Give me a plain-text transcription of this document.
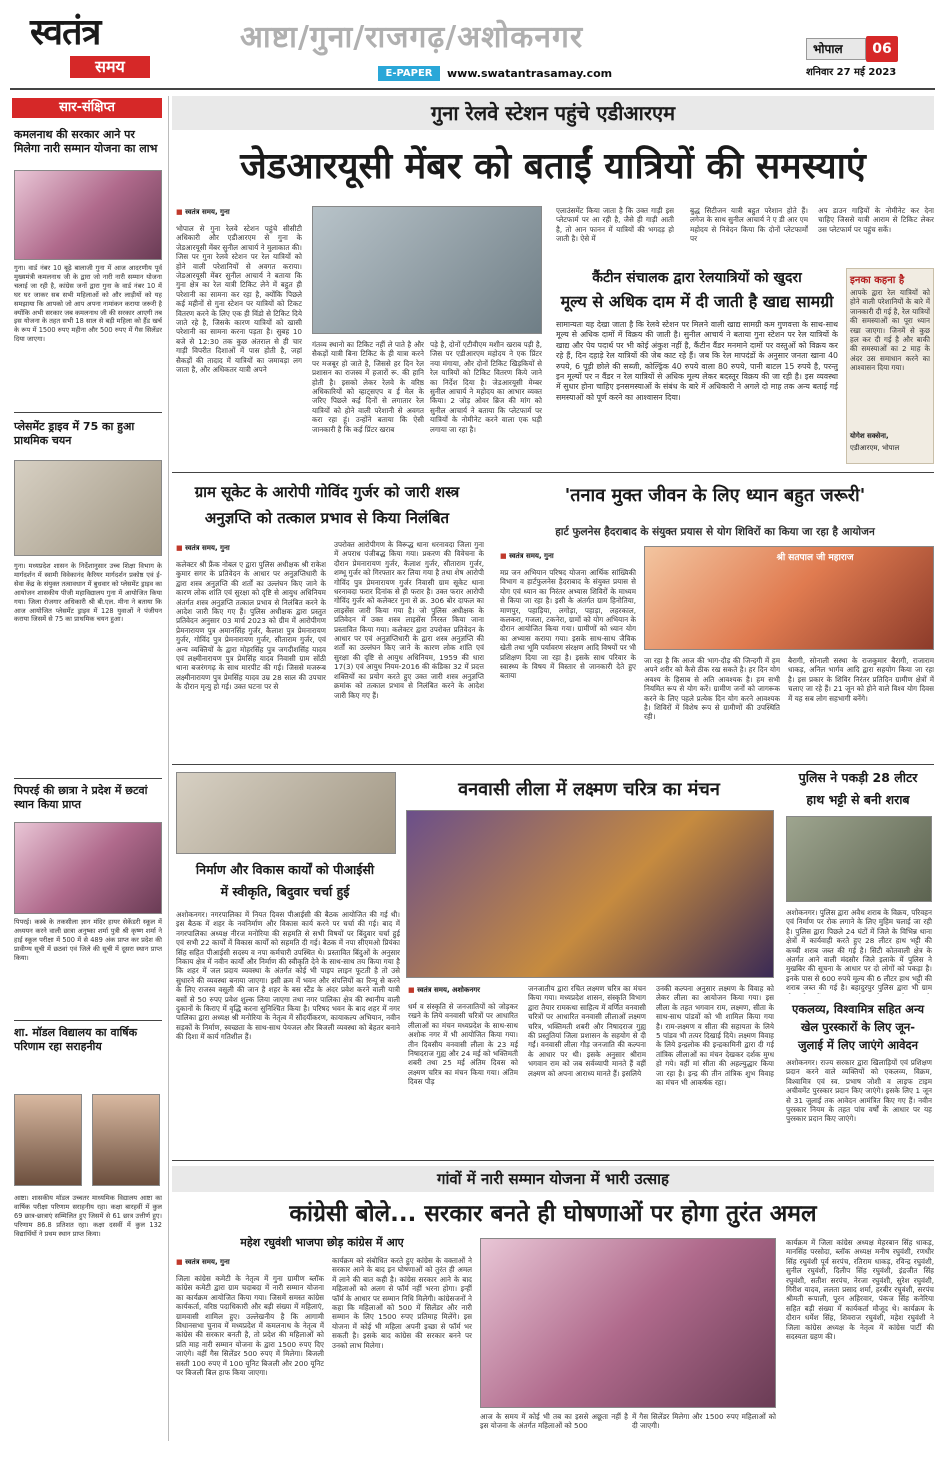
स्वतंत्र
समय
आष्टा/गुना/राजगढ़/अशोकनगर
E-PAPER	www.swatantrasamay.com
भोपाल	06
शनिवार 27 मई 2023
सार-संक्षिप्त
कमलनाथ की सरकार आने पर मिलेगा नारी सम्मान योजना का लाभ
गुना। वार्ड नंबर 10 बूढ़े बालाजी गुना में आज आदरणीय पूर्व मुख्यमंत्री कमलनाथ जी के द्वारा जो नारी नारी सम्मान योजना चलाई जा रही है, कांग्रेस जनों द्वारा गुना के वार्ड नंबर 10 में घर घर जाकर सब सभी महिलाओं को और लाड़ीयों को यह समझाया कि आपको जो आप अपना नामांकन कराया जरूरी है क्योंकि अभी सरकार जब कमलनाथ जी की सरकार आएगी तब इस योजना के तहत सभी 18 साल से बड़ी महिला को हैंड खर्च के रूप में 1500 रुपए महीना और 500 रुपए में गैस सिलेंडर दिया जाएगा।
प्लेसमेंट ड्राइव में 75 का हुआ प्राथमिक चयन
गुना। मध्यप्रदेश शासन के निर्देशानुसार उच्च शिक्षा विभाग के मार्गदर्शन में स्वामी विवेकानंद कैरियर मार्गदर्शन प्रकोष्ठ एवं ई-सेवा केंद्र के संयुक्त तत्वावधान में बुधवार को प्लेसमेंट ड्राइव का आयोजन शासकीय पीजी महाविद्यालय गुना में आयोजित किया गया। जिला रोजगार अधिकारी श्री बी.एल. मीना ने बताया कि आज आयोजित प्लेसमेंट ड्राइव में 128 युवाओं ने पंजीयन कराया जिसमें से 75 का प्राथमिक चयन हुआ।
पिपरई की छात्रा ने प्रदेश में छटवां स्थान किया प्राप्त
पिपरई। कस्बे के तकसीला ज्ञान मंदिर हायर सेकेंडरी स्कूल में अध्ययन करने वाली छात्रा अनुष्का शर्मा पुत्री श्री कृष्ण शर्मा ने हाई स्कूल परीक्षा में 500 में से 489 अंक प्राप्त कर प्रदेश की प्रावीण्य सूची में छठवां एवं जिले की सूची में दूसरा स्थान प्राप्त किया।
शा. मॉडल विद्यालय का वार्षिक परिणाम रहा सराहनीय
आष्टा। शासकीय मॉडल उच्चतर माध्यमिक विद्यालय आष्टा का वार्षिक परीक्षा परिणाम सराहनीय रहा। कक्षा बारहवीं में कुल 69 छात्र-छात्राएं सम्मिलित हुए जिसमें से 61 छात्र उत्तीर्ण हुए। परिणाम 86.8 प्रतिशत रहा। कक्षा दसवीं में कुल 132 विद्यार्थियों ने प्रथम स्थान प्राप्त किया।
गुना रेलवे स्टेशन पहुंचे एडीआरएम
जेडआरयूसी मेंबर को बताईं यात्रियों की समस्याएं
■ स्वतंत्र समय, गुना
भोपाल से गुना रेलवे स्टेशन पहुंचे सीसीटी अधिकारी और एडीआरएम से गुना के जेडआरयूसी मेंबर सुनील आचार्य ने मुलाकात की। जिस पर गुना रेलवे स्टेशन पर रेल यात्रियों को होने वाली परेशानियों से अवगत कराया। जेडआरयूसी मेंबर सुनील आचार्य ने बताया कि गुना क्षेत्र का रेल यात्री टिकिट लेने में बहुत ही परेशानी का सामना कर रहा है, क्योंकि पिछले कई महीनों से गुना स्टेशन पर यात्रियों को टिकट वितरण करने के लिए एक ही विंडो से टिकिट दिये जाते रहे है, जिसके कारण यात्रियों को खासी परेशानी का सामना करना पड़ता है। सुबह 10 बजे से 12:30 तक कुछ अंतराल से ही चार गाड़ी विपरीत दिशाओं में पास होती है, जहां सैकड़ों की तादाद में यात्रियों का जमावड़ा लग जाता है, और अधिकतर यात्री अपने
गंतव्य स्थानो का टिकिट नहीं ले पाते है और सैकड़ों यात्री बिना टिकिट के ही यात्रा करने पर मजबूर हो जाते है, जिससे हर दिन रेल प्रशासन का राजस्व में हजारों रू. की हानि होती है। इसको लेकर रेलवे के वरिष्ठ अधिकारियों को व्हाट्सएप व ई मेल के जरिए पिछले कई दिनों से लगातार रेल यात्रियों को होने वाली परेशानी से अवगत करा रहा हूं। उन्होंने बताया कि ऐसी जानकारी है कि कई प्रिंटर खराब
पड़े है, दोनों एटीवीएम मशीन खराब पड़ी है, जिस पर एडीआरएम महोदय ने एक प्रिंटर नया मंगाया, और दोनों टिकिट खिड़कियों से रेल यात्रियों को टिकिट वितरण किये जाने का निर्देश दिया है। जेडआरयूसी मेम्बर सुनील आचार्य ने महोदय का आभार व्यक्त किया। 2 जोड़ ओवर ब्रिज की मांग को सुनील आचार्य ने बताया कि प्लेटफार्म पर यात्रियों के नोमीनेट करने वाला एक घड़ी लगाया जा रहा है।
एलाउंसमेंट किया जाता है कि उक्त गाड़ी इस प्लेटफार्म पर आ रही है, जैसे ही गाड़ी आती है, तो आन फानन में यात्रियों की भगदड़ हो जाती है। ऐसे में
बुद्ध सिटीजन यात्री बहुत परेशान होते हैं। लगेज के साथ सुनील आचार्य ने ए डी आर एम महोदय से निवेदन किया कि दोनों प्लेटफार्मों पर
अप डाउन गाड़ियों के नोमीनेट कर देना चाहिए जिससे यात्री आराम से टिकिट लेकर उस प्लेटफार्म पर पहुंच सकें।
कैंटीन संचालक द्वारा रेलयात्रियों को खुदरा
मूल्य से अधिक दाम में दी जाती है खाद्य सामग्री
सामान्यतः यह देखा जाता है कि रेलवे स्टेशन पर मिलने वाली खाद्य सामग्री कम गुणवत्ता के साथ-साथ मूल्य से अधिक दामों में विक्रय की जाती है। सुनील आचार्य ने बताया गुना स्टेशन पर रेल यात्रियों के खाद्य और पेय पदार्थ पर भी कोई अंकुश नहीं है, कैंटीन वैंडर मनमाने दामों पर वस्तुओं को विक्रय कर रहे हैं, दिन दहाड़े रेल यात्रियों की जेब काट रहे हैं। जब कि रेल मापदंडों के अनुसार जनता खाना 40 रुपये, 6 पूड़ी छोले की सब्जी, कोल्ड्रिंक 40 रुपये वाला 80 रुपये, पानी बाटल 15 रुपये है, परन्तु इन मूल्यों पर न वैंडर न रेल यात्रियों से अधिक मूल्य लेकर बदस्तूर विक्रय की जा रही है। इस व्यवस्था में सुधार होना चाहिए इनसमस्याओं के संबंध के बारे में अधिकारी ने अगले दो माह तक अन्य बताई गई समस्याओं को पूर्ण करने का आश्वासन दिया।
इनका कहना है
आपके द्वारा रेल यात्रियों को होने वाली परेशानियों के बारे में जानकारी दी गई है, रेल यात्रियों की समस्याओं का पूरा ध्यान रखा जाएगा। जिनमें से कुछ हल कर दी गई है और बाकी की समस्याओं का 2 माह के अंदर उस समाधान करने का आश्वासन दिया गया।
योगेश सक्सेना,
एडीआरएम, भोपाल
ग्राम सूकेट के आरोपी गोविंद गुर्जर को जारी शस्त्र
अनुज्ञप्ति को तत्काल प्रभाव से किया निलंबित
■ स्वतंत्र समय, गुना
कलेक्टर श्री फ्रैंक नोबल ए द्वारा पुलिस अधीक्षक श्री राकेश कुमार सगर के प्रतिवेदन के आधार पर अनुज्ञप्तिधारी के द्वारा शस्त्र अनुज्ञप्ति की शर्तों का उल्लंघन किए जाने के कारण लोक शांति एवं सुरक्षा को दृष्टि से आयुध अधिनियम अंतर्गत शस्त्र अनुज्ञप्ति तत्काल प्रभाव से निलंबित करने के आदेश जारी किए गए हैं। पुलिस अधीक्षक द्वारा प्रस्तुत प्रतिवेदन अनुसार 03 मार्च 2023 को ग्रीम में आरोपीगण प्रेमनारायण पुत्र अमानसिंह गुर्जर, कैलाश पुत्र प्रेमनारायण गुर्जर, गोविंद पुत्र प्रेमनारायण गुर्जर, सीताराम गुर्जर, एवं अन्य व्यक्तियों के द्वारा मोहरसिंह पुत्र जगदीशसिंह यादव एवं लक्ष्मीनारायण पुत्र प्रेमसिंह यादव निवासी ग्राम सोंठी थाना बजरंगगढ़ के साथ मारपीट की गई। जिससे मजरूब लक्ष्मीनारायण पुत्र प्रेमसिंह यादव उम्र 28 साल की उपचार के दौरान मृत्यु हो गई। उक्त घटना पर से
उपरोक्त आरोपीगण के विरूद्ध थाना धरनावदा जिला गुना में अपराध पंजीबद्ध किया गया। प्रकरण की विवेचना के दौरान प्रेमनारायण गुर्जर, कैलाश गुर्जर, सीताराम गुर्जर, शम्भू गुर्जर को गिरफ्तार कर लिया गया है तथा शेष आरोपी गोविंद पुत्र प्रेमनारायण गुर्जर निवासी ग्राम सूकेट थाना धरनावदा फरार दिनांक से ही फरार है। उक्त फरार आरोपी गोविंद गुर्जर को कलेक्टर गुना से क्र. 306 बोर दाफल का लाइसेंस जारी किया गया है। जो पुलिस अधीक्षक के प्रतिवेदन में उक्त शस्त्र लाइसेंस निरस्त किया जाना प्रस्तावित किया गया। कलेक्टर द्वारा उपरोक्त प्रतिवेदन के आधार पर एवं अनुज्ञप्तिधारी के द्वारा शस्त्र अनुज्ञप्ति की शर्तों का उल्लंघन किए जाने के कारण लोक शांति एवं सुरक्षा की दृष्टि से आयुध अधिनियम, 1959 की धारा 17(3) एवं आयुध नियम-2016 की कंडिका 32 में प्रदत्त शक्तियों का प्रयोग करते हुए उक्त जारी शस्त्र अनुज्ञप्ति क्रमांक को तत्काल प्रभाव से निलंबित करने के आदेश जारी किए गए हैं।
'तनाव मुक्त जीवन के लिए ध्यान बहुत जरूरी'
हार्ट फुलनेस हैदराबाद के संयुक्त प्रयास से योग शिविरों का किया जा रहा है आयोजन
■ स्वतंत्र समय, गुना
मप्र जन अभियान परिषद योजना आर्थिक सांख्यिकी विभाग व हार्टफुलनेस हैदराबाद के संयुक्त प्रयास से योग एवं ध्यान का निरंतर अभ्यास शिविरों के माध्यम से किया जा रहा है। इसी के अंतर्गत ग्राम हिनोतिया, माणपुर, पहाड़िया, लगोड़ा, पहाड़ा, लहरकाल, कलकरा, गजला, टकनेरा, ग्रामों को योग अभियान के दौरान आयोजित किया गया। ग्रामीणों को ध्यान योग का अभ्यास कराया गया। इसके साथ-साथ जैविक खेती तथा भूमि पर्यावरण संरक्षण आदि विषयों पर भी प्रशिक्षण दिया जा रहा है। इसके साथ परिवार के स्वास्थ्य के विषय में विस्तार से जानकारी देते हुए बताया
श्री सतपाल जी महाराज
जा रहा है कि आज की भाग-दौड़ की जिन्दगी में हम अपने शरीर को कैसे ठीक रख सकते है। हर दिन योग अवश्य के हिसाब से अति आवश्यक है। हम सभी नियमित रूप से योग करें। ग्रामीण जनों को जागरूक करने के लिए पहले प्रत्येक दिन योग करने आवश्यक है। शिविरों में विशेष रूप से ग्रामीणों की उपस्थिति रही।
बैरागी, सोनाली सस्था के राजकुमार बैरागी, राजाराम धाकड़, अनिल भार्गव आदि द्वारा सहयोग किया जा रहा है। इस प्रकार के शिविर निरंतर प्रतिदिन ग्रामीण क्षेत्रों में चलाए जा रहे हैं। 21 जून को होने वाले विश्व योग दिवस में यह सब लोग सहभागी बनेंगे।
निर्माण और विकास कार्यों को पीआईसी
में स्वीकृति, बिदुवार चर्चा हुई
अशोकनगर। नगरपालिका में नियत दिवस पीआईसी की बैठक आयोजित की गई थी। इस बैठक में शहर के नवनिर्माण और विकास कार्य करने पर चर्चा की गई। बाद में नगरपालिका अध्यक्ष नीरज मनोरिया की सहमति से सभी विषयों पर बिंदुवार चर्चा हुई एवं सभी 22 कार्यों में विकास कार्यों को सहमति दी गई। बैठक में नपा सीएमओ प्रियंका सिंह सहित पीआईसी सदस्य व नपा कर्मचारी उपस्थित थे। प्रस्तावित बिंदुओं के अनुसार निकाय क्षेत्र में नवीन कार्यों और निर्माण की स्वीकृति देने के साथ-साथ तय किया गया है कि शहर में जल प्रदाय व्यवस्था के अंतर्गत कोई भी पाइप लाइन फूटती है तो उसे सुधारने की व्यवस्था बनाया जाएगा। इसी क्रम में भवन और संपत्तियों का रिन्यू से करने के लिए राजस्व वसूली की जान है शहर के बस स्टैंड के अंदर प्रवेश करने वाली यात्री बसों से 50 रुपए प्रवेश शुल्क लिया जाएगा तथा नगर पालिका क्षेत्र की स्थानीय वाली दुकानों के किराए में वृद्धि करना सुनिश्चित किया है। परिषद भवन के बाद शहर में नगर पालिका द्वारा अध्यक्ष श्री मनोरिया के नेतृत्व में सौंदर्यीकरण, कायाकल्प अभियान, नवीन सड़कों के निर्माण, स्वच्छता के साथ-साथ पेयजल और बिजली व्यवस्था को बेहतर बनाने की दिशा में कार्य गतिशील हैं।
वनवासी लीला में लक्ष्मण चरित्र का मंचन
■ स्वतंत्र समय, अशोकनगर
धर्म व संस्कृति से जनजातियों को जोड़कर रखने के लिये वनवासी चरित्रों पर आधारित लीलाओं का मंचन मध्यप्रदेश के साथ-साथ अशोक नगर में भी आयोजित किया गया। तीन दिवसीय वनवासी लीला के 23 मई निषादराज गुह्य और 24 मई को भक्तिमती शबरी तथा 25 मई अंतिम दिवस को लक्ष्मण चरित्र का मंचन किया गया। अंतिम दिवस पौड़
जनजातीय द्वारा रचित लक्ष्मण चरित्र का मंचन किया गया। मध्यप्रदेश शासन, संस्कृति विभाग द्वारा तैयार रामकथा साहित्य में वर्णित वनवासी चरित्रों पर आधारित वनवासी लीलाओं लक्ष्मण चरित्र, भक्तिमती शबरी और निषादराज गुह्य की प्रस्तुतियां जिला प्रशासन के सहयोग से दी गईं। वनवासी लीला गौड़ जनजाति की कल्पना के आधार पर थी। इसके अनुसार श्रीराम भगवान राम को जब सर्वव्यापी मानते हैं वहीं लक्ष्मण को अपना आराध्य मानते हैं। इसलिये
उनकी कल्पना अनुसार लक्ष्मण के विवाह को लेकर लीला का आयोजन किया गया। इस लीला के तहत भगवान राम, लक्ष्मण, सीता के साथ-साथ पांडवों को भी शामिल किया गया है। राम-लक्ष्मण व सीता की सहायता के लिये 5 पांडव भी तत्पर दिखाई दिये। लक्ष्मण विवाह के लिये इन्द्रलोक की इन्द्रकामिनी द्वारा दी गई तांत्रिक लीलाओं का मंचन देखकर दर्शक मुग्ध हो गये। वहीं मां सीता की अहल्युद्धार किया जा रहा है। इन्द्र की तीन तांत्रिक शुभ विवाह का मंचन भी आकर्षक रहा।
पुलिस ने पकड़ी 28 लीटर
हाथ भट्टी से बनी शराब
अशोकनगर। पुलिस द्वारा अवैध शराब के विक्रय, परिवहन एवं निर्माण पर रोक लगाने के लिए मुहिम चलाई जा रही है। पुलिस द्वारा पिछले 24 घंटों में जिले के विभिन्न थाना क्षेत्रों में कार्यवाही करते हुए 28 लीटर हाथ भट्टी की कच्ची शराब जब्त की गई है। सिटी कोतवाली क्षेत्र के अंतर्गत आने वाली मंदसौर जिले इलाके में पुलिस ने मुखबिर की सूचना के आधार पर दो लोगों को पकड़ा है। इनके पास से 600 रुपये मूल्य की 6 लीटर हाथ भट्टी की शराब जब्त की गई है। बहादुरपुर पुलिस द्वारा भी ग्राम
एकलव्य, विश्वामित्र सहित अन्य
खेल पुरस्कारों के लिए जून-
जुलाई में लिए जाएंगे आवेदन
अशोकनगर। राज्य सरकार द्वारा खिलाड़ियों एवं प्रशिक्षण प्रदान करने वाले व्यक्तियों को एकलव्य, विक्रम, विश्वामित्र एवं स्व. प्रभाष जोशी व लाइफ टाइम अचीवमेंट पुरस्कार प्रदान किए जाएंगे। इसके लिए 1 जून से 31 जुलाई तक आवेदन आमंत्रित किए गए हैं। नवीन पुरस्कार नियम के तहत पांच वर्षों के आधार पर यह पुरस्कार प्रदान किए जाएंगे।
गांवों में नारी सम्मान योजना में भारी उत्साह
कांग्रेसी बोले... सरकार बनते ही घोषणाओं पर होगा तुरंत अमल
महेश रघुवंशी भाजपा छोड़ कांग्रेस में आए
■ स्वतंत्र समय, गुना
जिला कांग्रेस कमेटी के नेतृत्व में गुना ग्रामीण ब्लॉक कांग्रेस कमेटी द्वारा ग्राम चदाबदा में नारी सम्मान योजना का कार्यक्रम आयोजित किया गया। जिसमें समस्त कांग्रेस कार्यकर्ता, वरिष्ठ पदाधिकारी और बड़ी संख्या में महिलाएं, ग्रामवासी शामिल हुए। उल्लेखनीय है कि आगामी विधानसभा चुनाव में मध्यप्रदेश में कमलनाथ के नेतृत्व में कांग्रेस की सरकार बनती है, तो प्रदेश की महिलाओं को प्रति माह नारी सम्मान योजना के द्वारा 1500 रुपए दिए जाएंगे। वहीं गैस सिलेंडर 500 रुपए में मिलेगा। बिजली सस्ती 100 रुपए में 100 यूनिट बिजली और 200 यूनिट पर बिजली बिल हाफ किया जाएगा।
कार्यक्रम को संबोधित करते हुए कांग्रेस के वक्ताओं ने सरकार आने के बाद इन घोषणाओं को तुरंत ही अमल में लाने की बात कही है। कांग्रेस सरकार आने के बाद महिलाओं को अलग से फॉर्म नहीं भरना होगा। इन्हीं फॉर्म के आधार पर सम्मान निधि मिलेगी। कांग्रेसजनों ने कहा कि महिलाओं को 500 में सिलेंडर और नारी सम्मान के लिए 1500 रुपए प्रतिमाह मिलेंगे। इस योजना में कोई भी महिला अपनी इच्छा से फॉर्म भर सकती है। इसके बाद कांग्रेस की सरकार बनने पर उनको लाभ मिलेगा।
आज के समय में कोई भी तब का इससे अछूता नहीं है इस योजना के अंतर्गत महिलाओं को 500
में गैस सिलेंडर मिलेगा और 1500 रुपए महिलाओं को दी जाएगी।
कार्यक्रम में जिला कांग्रेस अध्यक्ष मेहरबान सिंह धाकड़, मानसिंह परसोदा, ब्लॉक अध्यक्ष मनीष रघुवंशी, रणधीर सिंह रघुवंशी पूर्व सरपंच, रतिराम धाकड़, रविन्द्र रघुवंशी, सुनील रघुवंशी, दिलीप सिंह रघुवंशी, इंद्रजीत सिंह रघुवंशी, सतीश सरपंच, नेरजा रघुवंशी, सुरेश रघुवंशी, गिरीश यादव, ललता प्रसाद शर्मा, हरबीर रघुवंशी, सरपंच श्रीमती रूपाली, पूरन अहिरवार, पंकज सिंह कनेरिया सहित बड़ी संख्या में कार्यकर्ता मौजूद थे। कार्यक्रम के दौरान धर्मेश सिंह, शिवराज रघुवंशी, महेश रघुवंशी ने जिला कांग्रेस अध्यक्ष के नेतृत्व में कांग्रेस पार्टी की सदस्यता ग्रहण की।
